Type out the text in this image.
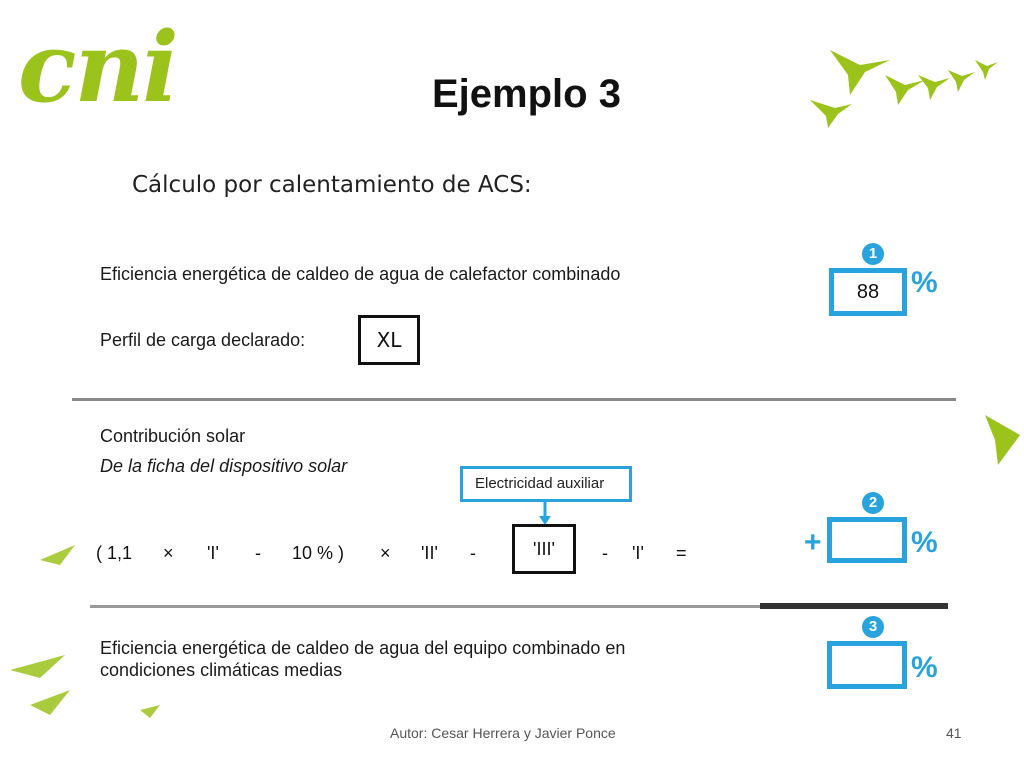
cni	Ejemplo 3
Cálculo por calentamiento de ACS:
Eficiencia energética de caldeo de agua de calefactor combinado
1
88	%
Perfil de carga declarado:	XL
Contribución solar
De la ficha del dispositivo solar
Electricidad auxiliar
( 1,1 × 'I' - 10 % ) × 'II' -	- 'I' =
'III'
2
+	%
Eficiencia energética de caldeo de agua del equipo combinado en
condiciones climáticas medias
3
%
Autor: Cesar Herrera y Javier Ponce	41
